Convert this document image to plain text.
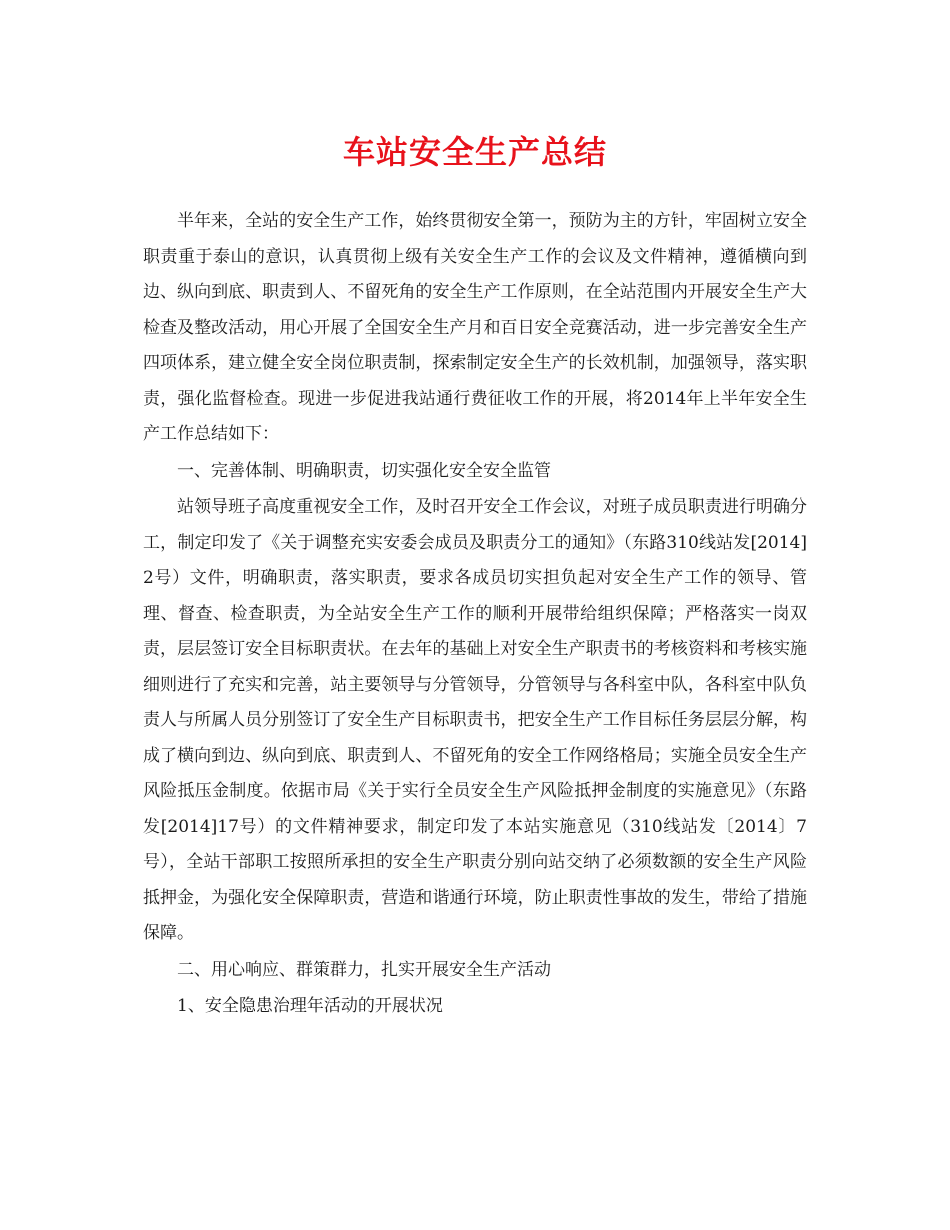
车站安全生产总结

半年来，全站的安全生产工作，始终贯彻安全第一，预防为主的方针，牢固树立安全职责重于泰山的意识，认真贯彻上级有关安全生产工作的会议及文件精神，遵循横向到边、纵向到底、职责到人、不留死角的安全生产工作原则，在全站范围内开展安全生产大检查及整改活动，用心开展了全国安全生产月和百日安全竞赛活动，进一步完善安全生产四项体系，建立健全安全岗位职责制，探索制定安全生产的长效机制，加强领导，落实职责，强化监督检查。现进一步促进我站通行费征收工作的开展，将2014年上半年安全生产工作总结如下：

一、完善体制、明确职责，切实强化安全安全监管

站领导班子高度重视安全工作，及时召开安全工作会议，对班子成员职责进行明确分工，制定印发了《关于调整充实安委会成员及职责分工的通知》（东路310线站发[2014]2号）文件，明确职责，落实职责，要求各成员切实担负起对安全生产工作的领导、管理、督查、检查职责，为全站安全生产工作的顺利开展带给组织保障；严格落实一岗双责，层层签订安全目标职责状。在去年的基础上对安全生产职责书的考核资料和考核实施细则进行了充实和完善，站主要领导与分管领导，分管领导与各科室中队，各科室中队负责人与所属人员分别签订了安全生产目标职责书，把安全生产工作目标任务层层分解，构成了横向到边、纵向到底、职责到人、不留死角的安全工作网络格局；实施全员安全生产风险抵压金制度。依据市局《关于实行全员安全生产风险抵押金制度的实施意见》（东路发[2014]17号）的文件精神要求，制定印发了本站实施意见（310线站发〔2014〕7号），全站干部职工按照所承担的安全生产职责分别向站交纳了必须数额的安全生产风险抵押金，为强化安全保障职责，营造和谐通行环境，防止职责性事故的发生，带给了措施保障。

二、用心响应、群策群力，扎实开展安全生产活动

1、安全隐患治理年活动的开展状况
